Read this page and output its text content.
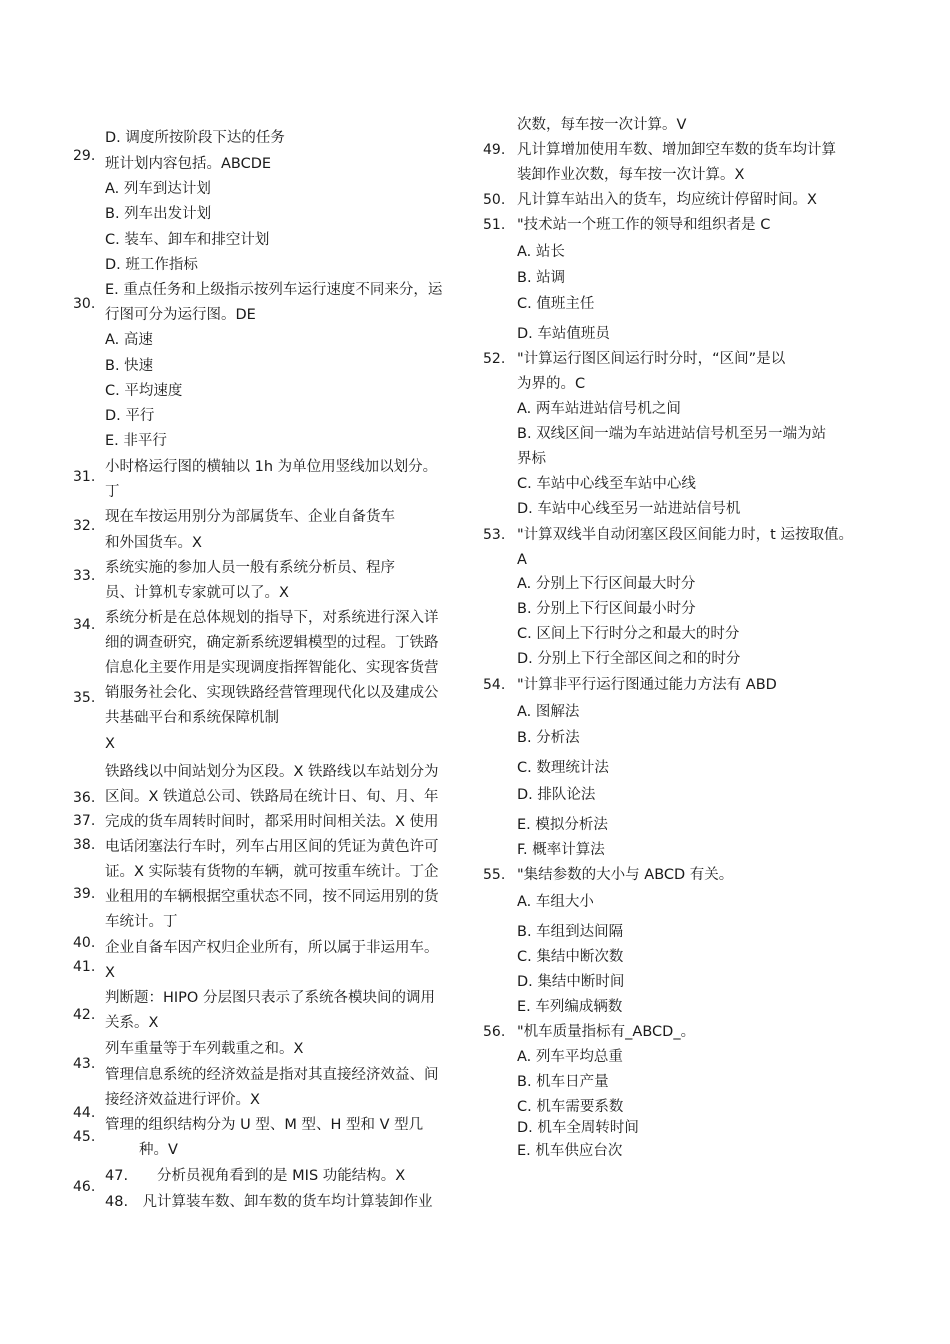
29.
30.
31.
32.
33.
34.
35.
36.
37.
38.
39.
40.
41.
42.
43.
44.
45.
46.
D. 调度所按阶段下达的任务
班计划内容包括。ABCDE
A. 列车到达计划
B. 列车出发计划
C. 装车、卸车和排空计划
D. 班工作指标
E. 重点任务和上级指示按列车运行速度不同来分，运
行图可分为运行图。DE
A. 高速
B. 快速
C. 平均速度
D. 平行
E. 非平行
小时格运行图的横轴以 1h 为单位用竖线加以划分。
丁
现在车按运用别分为部属货车、企业自备货车
和外国货车。X
系统实施的参加人员一般有系统分析员、程序
员、计算机专家就可以了。X
系统分析是在总体规划的指导下，对系统进行深入详
细的调查研究，确定新系统逻辑模型的过程。丁铁路
信息化主要作用是实现调度指挥智能化、实现客货营
销服务社会化、实现铁路经营管理现代化以及建成公
共基础平台和系统保障机制
X
铁路线以中间站划分为区段。X 铁路线以车站划分为
区间。X 铁道总公司、铁路局在统计日、旬、月、年
完成的货车周转时间时，都采用时间相关法。X 使用
电话闭塞法行车时，列车占用区间的凭证为黄色许可
证。X 实际装有货物的车辆，就可按重车统计。丁企
业租用的车辆根据空重状态不同，按不同运用别的货
车统计。丁
企业自备车因产权归企业所有，所以属于非运用车。
X
判断题：HIPO 分层图只表示了系统各模块间的调用
关系。X
列车重量等于车列载重之和。X
管理信息系统的经济效益是指对其直接经济效益、间
接经济效益进行评价。X
管理的组织结构分为 U 型、M 型、H 型和 V 型几
种。V
47.　　分析员视角看到的是 MIS 功能结构。X
48.　凡计算装车数、卸车数的货车均计算装卸作业
49.
50.
51.
52.
53.
54.
55.
56.
次数，每车按一次计算。V
凡计算增加使用车数、增加卸空车数的货车均计算
装卸作业次数，每车按一次计算。X
凡计算车站出入的货车，均应统计停留时间。X
"技术站一个班工作的领导和组织者是 C
A. 站长
B. 站调
C. 值班主任
D. 车站值班员
"计算运行图区间运行时分时，“区间”是以
为界的。C
A. 两车站进站信号机之间
B. 双线区间一端为车站进站信号机至另一端为站
界标
C. 车站中心线至车站中心线
D. 车站中心线至另一站进站信号机
"计算双线半自动闭塞区段区间能力时，t 运按取值。
A
A. 分别上下行区间最大时分
B. 分别上下行区间最小时分
C. 区间上下行时分之和最大的时分
D. 分别上下行全部区间之和的时分
"计算非平行运行图通过能力方法有 ABD
A. 图解法
B. 分析法
C. 数理统计法
D. 排队论法
E. 模拟分析法
F. 概率计算法
"集结参数的大小与 ABCD 有关。
A. 车组大小
B. 车组到达间隔
C. 集结中断次数
D. 集结中断时间
E. 车列编成辆数
"机车质量指标有_ABCD_。
A. 列车平均总重
B. 机车日产量
C. 机车需要系数
D. 机车全周转时间
E. 机车供应台次
